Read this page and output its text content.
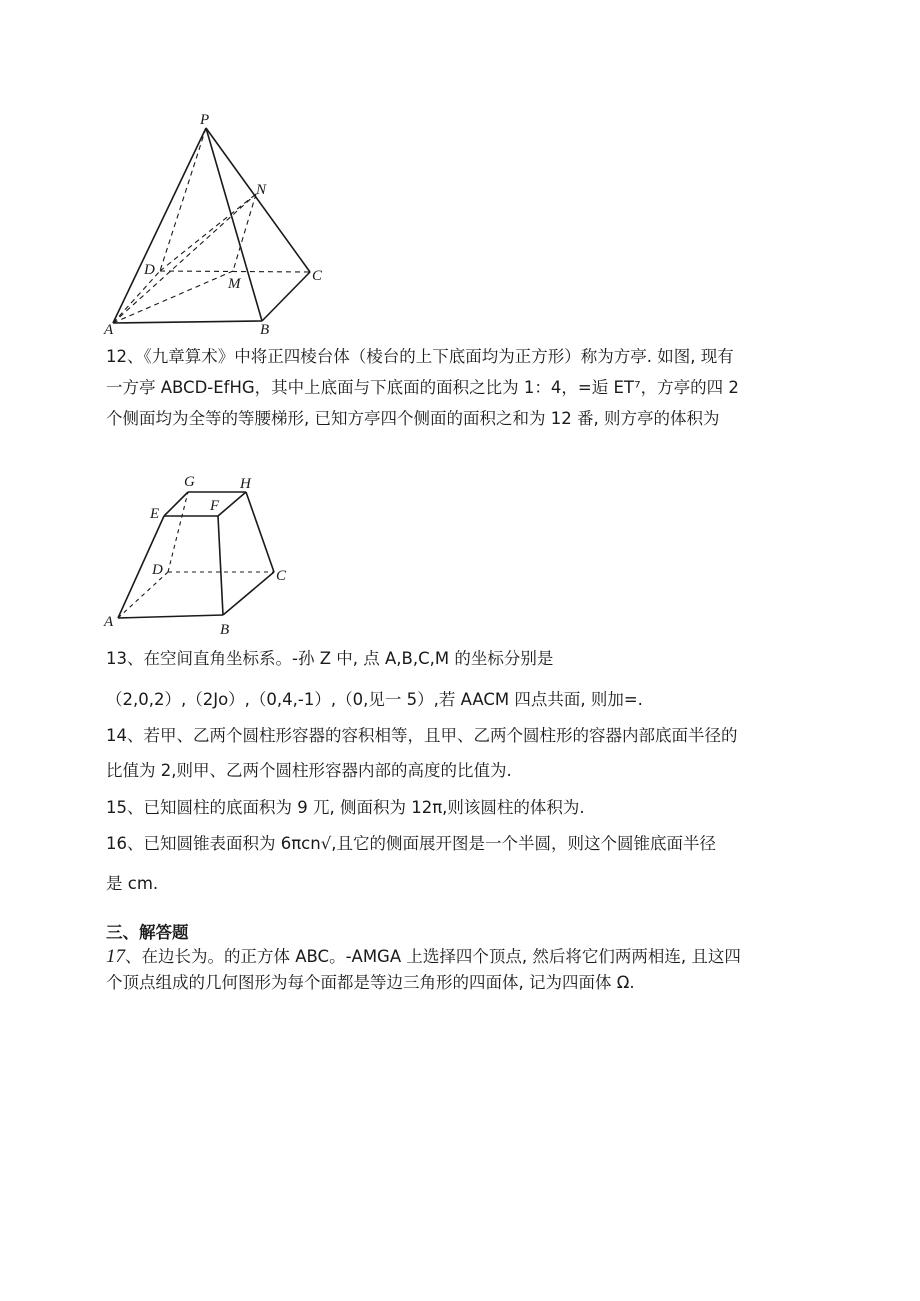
P
N
D
M	C
A	B
12、《九章算术》中将正四棱台体（棱台的上下底面均为正方形）称为方亭. 如图, 现有
一方亭 ABCD-EfHG，其中上底面与下底面的面积之比为 1：4，=逅 ET⁷，方亭的四 2
个侧面均为全等的等腰梯形, 已知方亭四个侧面的面积之和为 12 番, 则方亭的体积为
G	H
E	F
D	C
A	B
13、在空间直角坐标系。-孙 Z 中, 点 A,B,C,M 的坐标分别是
（2,0,2）,（2Jo）,（0,4,-1）,（0,见一 5）,若 AACM 四点共面, 则加=.
14、若甲、乙两个圆柱形容器的容积相等，且甲、乙两个圆柱形的容器内部底面半径的
比值为 2,则甲、乙两个圆柱形容器内部的高度的比值为.
15、已知圆柱的底面积为 9 兀, 侧面积为 12π,则该圆柱的体积为.
16、已知圆锥表面积为 6πcn√,且它的侧面展开图是一个半圆，则这个圆锥底面半径
是 cm.
三、解答题
17、在边长为。的正方体 ABC。-AMGA 上选择四个顶点, 然后将它们两两相连, 且这四
个顶点组成的几何图形为每个面都是等边三角形的四面体, 记为四面体 Ω.
